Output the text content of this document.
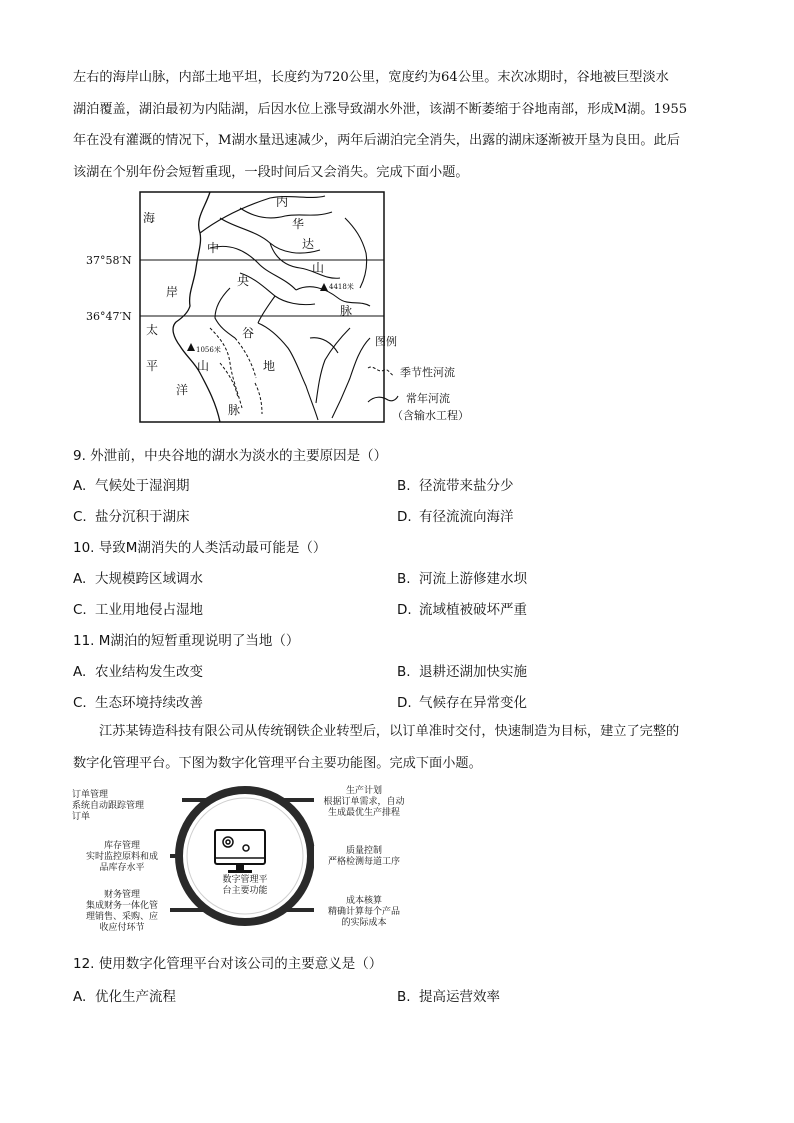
左右的海岸山脉，内部土地平坦，长度约为720公里，宽度约为64公里。末次冰期时，谷地被巨型淡水

湖泊覆盖，湖泊最初为内陆湖，后因水位上涨导致湖水外泄，该湖不断萎缩于谷地南部，形成M湖。1955

年在没有灌溉的情况下，M湖水量迅速减少，两年后湖泊完全消失，出露的湖床逐渐被开垦为良田。此后

该湖在个别年份会短暂重现，一段时间后又会消失。完成下面小题。

37°58′N
36°47′N
4418米
1056米
海
岸
太
平	山
洋
脉
内
华
达
山
脉
中
央
谷
地
图例
季节性河流
常年河流
（含输水工程）
9. 外泄前，中央谷地的湖水为淡水的主要原因是（）
A. 气候处于湿润期	B. 径流带来盐分少
C. 盐分沉积于湖床	D. 有径流流向海洋
10. 导致M湖消失的人类活动最可能是（）
A. 大规模跨区域调水	B. 河流上游修建水坝
C. 工业用地侵占湿地	D. 流域植被破坏严重
11. M湖泊的短暂重现说明了当地（）
A. 农业结构发生改变	B. 退耕还湖加快实施
C. 生态环境持续改善	D. 气候存在异常变化

江苏某铸造科技有限公司从传统钢铁企业转型后，以订单准时交付，快速制造为目标，建立了完整的

数字化管理平台。下图为数字化管理平台主要功能图。完成下面小题。

数字管理平
台主要功能
订单管理
系统自动跟踪管理
订单
库存管理
实时监控原料和成
品库存水平
财务管理
集成财务一体化管
理销售、采购、应
收应付环节
生产计划
根据订单需求，自动
生成最优生产排程
质量控制
严格检测每道工序
成本核算
精确计算每个产品
的实际成本
12. 使用数字化管理平台对该公司的主要意义是（）
A. 优化生产流程	B. 提高运营效率
